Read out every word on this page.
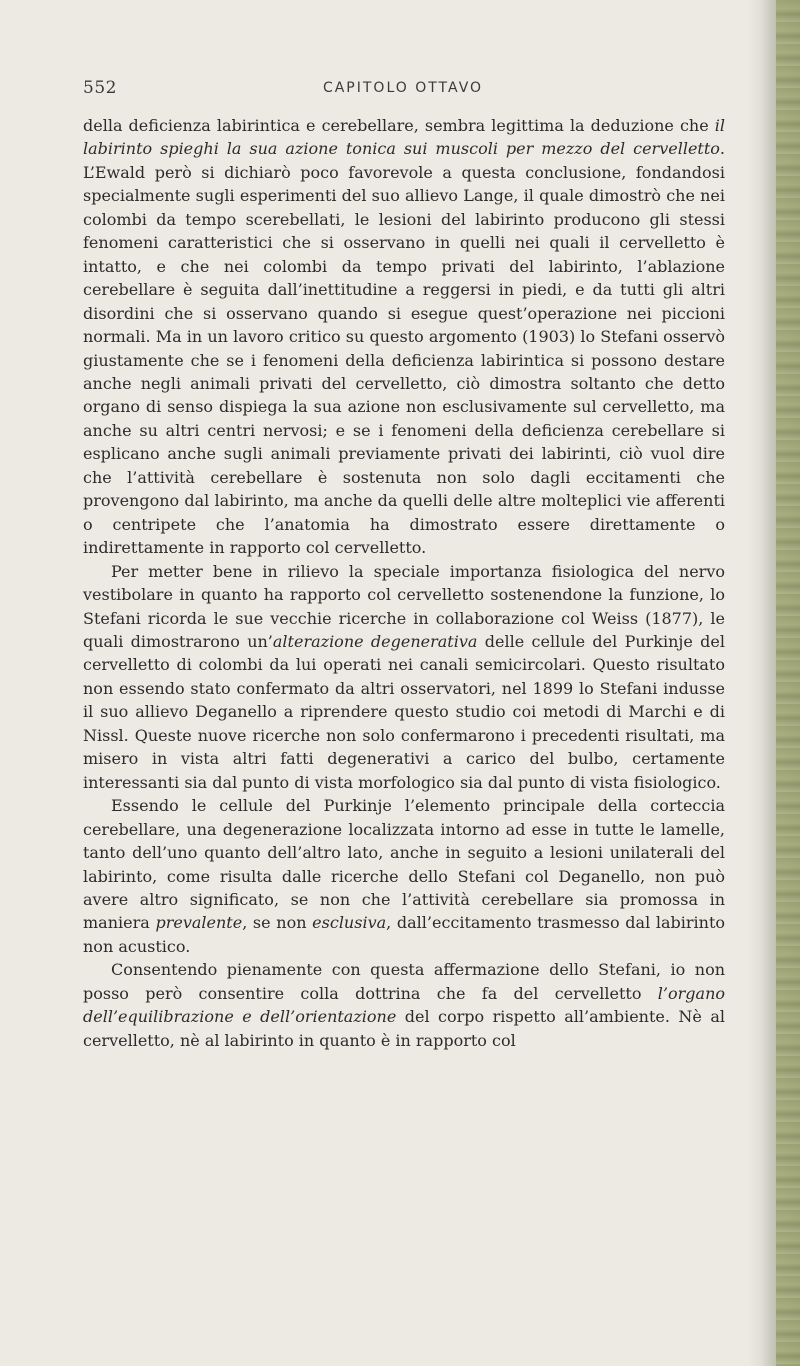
552	CAPITOLO OTTAVO

della deficienza labirintica e cerebellare, sembra legittima la deduzione che il labirinto spieghi la sua azione tonica sui muscoli per mezzo del cervelletto. L’Ewald però si dichiarò poco favorevole a questa conclusione, fondandosi specialmente sugli esperimenti del suo allievo Lange, il quale dimostrò che nei colombi da tempo scerebellati, le lesioni del labirinto producono gli stessi fenomeni caratteristici che si osservano in quelli nei quali il cervelletto è intatto, e che nei colombi da tempo privati del labirinto, l’ablazione cerebellare è seguita dall’inettitudine a reggersi in piedi, e da tutti gli altri disordini che si osservano quando si esegue quest’operazione nei piccioni normali. Ma in un lavoro critico su questo argomento (1903) lo Stefani osservò giustamente che se i fenomeni della deficienza labirintica si possono destare anche negli animali privati del cervelletto, ciò dimostra soltanto che detto organo di senso dispiega la sua azione non esclusivamente sul cervelletto, ma anche su altri centri nervosi; e se i fenomeni della deficienza cerebellare si esplicano anche sugli animali previamente privati dei labirinti, ciò vuol dire che l’attività cerebellare è sostenuta non solo dagli eccitamenti che provengono dal labirinto, ma anche da quelli delle altre molteplici vie afferenti o centripete che l’anatomia ha dimostrato essere direttamente o indirettamente in rapporto col cervelletto.

Per metter bene in rilievo la speciale importanza fisiologica del nervo vestibolare in quanto ha rapporto col cervelletto sostenendone la funzione, lo Stefani ricorda le sue vecchie ricerche in collaborazione col Weiss (1877), le quali dimostrarono un’alterazione degenerativa delle cellule del Purkinje del cervelletto di colombi da lui operati nei canali semicircolari. Questo risultato non essendo stato confermato da altri osservatori, nel 1899 lo Stefani indusse il suo allievo Deganello a riprendere questo studio coi metodi di Marchi e di Nissl. Queste nuove ricerche non solo confermarono i precedenti risultati, ma misero in vista altri fatti degenerativi a carico del bulbo, certamente interessanti sia dal punto di vista morfologico sia dal punto di vista fisiologico.

Essendo le cellule del Purkinje l’elemento principale della corteccia cerebellare, una degenerazione localizzata intorno ad esse in tutte le lamelle, tanto dell’uno quanto dell’altro lato, anche in seguito a lesioni unilaterali del labirinto, come risulta dalle ricerche dello Stefani col Deganello, non può avere altro significato, se non che l’attività cerebellare sia promossa in maniera prevalente, se non esclusiva, dall’eccitamento trasmesso dal labirinto non acustico.

Consentendo pienamente con questa affermazione dello Stefani, io non posso però consentire colla dottrina che fa del cervelletto l’organo dell’equilibrazione e dell’orientazione del corpo rispetto all’ambiente. Nè al cervelletto, nè al labirinto in quanto è in rapporto col
